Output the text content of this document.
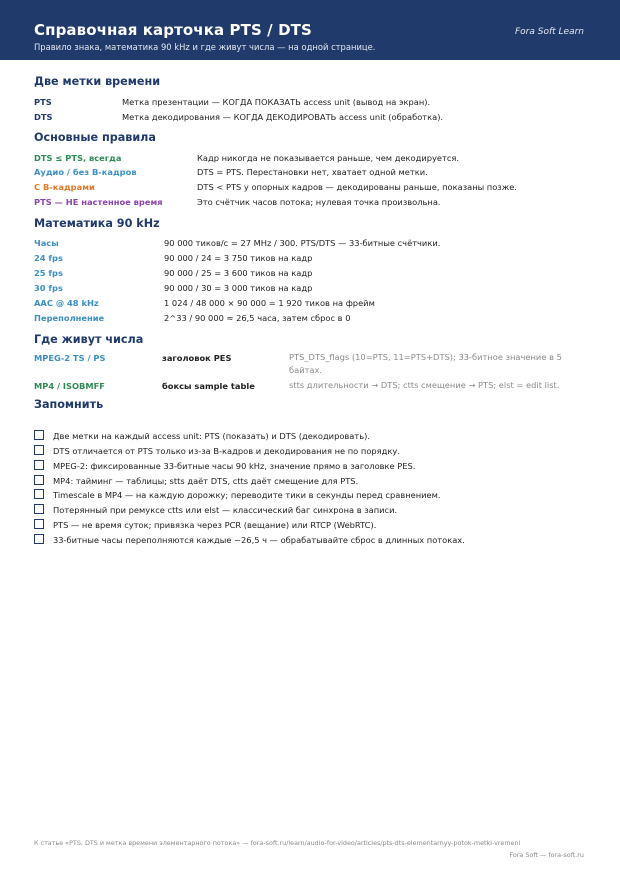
Справочная карточка PTS / DTS
Правило знака, математика 90 kHz и где живут числа — на одной странице.
Fora Soft Learn
Две метки времени
PTS	Метка презентации — КОГДА ПОКАЗАТЬ access unit (вывод на экран).
DTS	Метка декодирования — КОГДА ДЕКОДИРОВАТЬ access unit (обработка).
Основные правила
DTS ≤ PTS, всегда	Кадр никогда не показывается раньше, чем декодируется.
Аудио / без B-кадров	DTS = PTS. Перестановки нет, хватает одной метки.
С B-кадрами	DTS < PTS у опорных кадров — декодированы раньше, показаны позже.
PTS — НЕ настенное время	Это счётчик часов потока; нулевая точка произвольна.
Математика 90 kHz
Часы	90 000 тиков/с = 27 MHz / 300. PTS/DTS — 33-битные счётчики.
24 fps	90 000 / 24 = 3 750 тиков на кадр
25 fps	90 000 / 25 = 3 600 тиков на кадр
30 fps	90 000 / 30 = 3 000 тиков на кадр
AAC @ 48 kHz	1 024 / 48 000 × 90 000 = 1 920 тиков на фрейм
Переполнение	2^33 / 90 000 ≈ 26,5 часа, затем сброс в 0
Где живут числа
MPEG-2 TS / PS	заголовок PES	PTS_DTS_flags (10=PTS, 11=PTS+DTS); 33-битное значение в 5 байтах.
MP4 / ISOBMFF	боксы sample table	stts длительности → DTS; ctts смещение → PTS; elst = edit list.
Запомнить
Две метки на каждый access unit: PTS (показать) и DTS (декодировать).
DTS отличается от PTS только из-за B-кадров и декодирования не по порядку.
MPEG-2: фиксированные 33-битные часы 90 kHz, значение прямо в заголовке PES.
MP4: тайминг — таблицы; stts даёт DTS, ctts даёт смещение для PTS.
Timescale в MP4 — на каждую дорожку; переводите тики в секунды перед сравнением.
Потерянный при ремуксе ctts или elst — классический баг синхрона в записи.
PTS — не время суток; привязка через PCR (вещание) или RTCP (WebRTC).
33-битные часы переполняются каждые ~26,5 ч — обрабатывайте сброс в длинных потоках.
К статье «PTS, DTS и метка времени элементарного потока» — fora-soft.ru/learn/audio-for-video/articles/pts-dts-elementarnyy-potok-metki-vremeni
Fora Soft — fora-soft.ru
